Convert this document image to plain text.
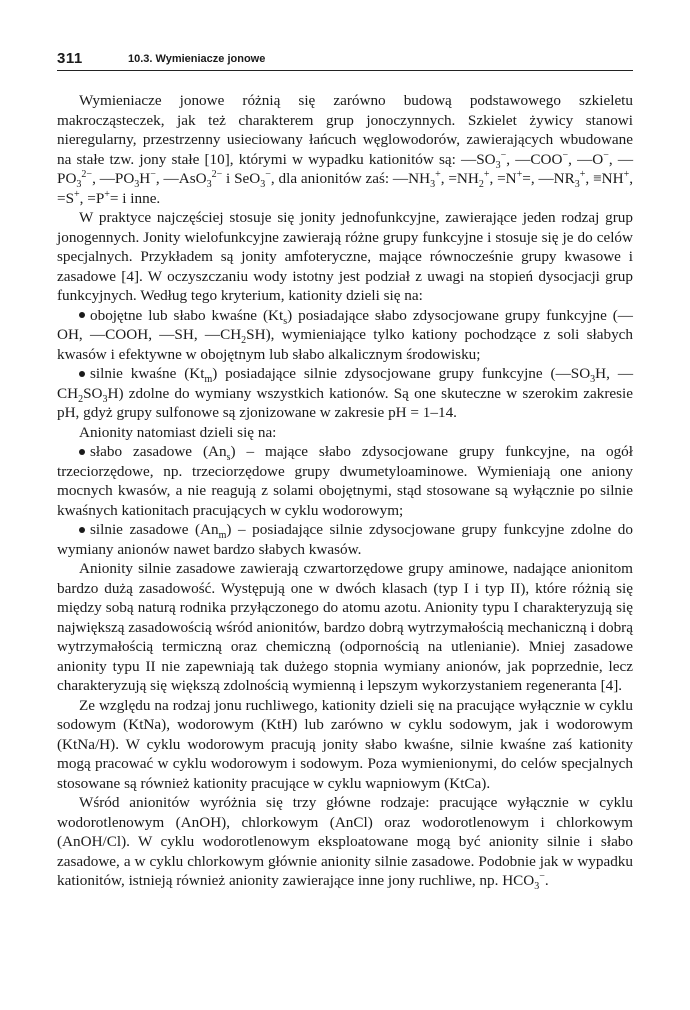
311	10.3. Wymieniacze jonowe

Wymieniacze jonowe różnią się zarówno budową podstawowego szkieletu makrocząsteczek, jak też charakterem grup jonoczynnych. Szkielet żywicy stanowi nieregularny, przestrzenny usieciowany łańcuch węglowodorów, zawierających wbudowane na stałe tzw. jony stałe [10], którymi w wypadku kationitów są: $—SO_3^-$, —COO−, —O−, $—PO_3^{2-}$, $—PO_3H^-$, —AsO$_3^{2-}$ i SeO$_3$−, dla anionitów zaś: $—NH_3^+$, $=NH_2^+$, =N+=, $—NR_3^+$, ≡NH+, =S+, =P+= i inne.

W praktyce najczęściej stosuje się jonity jednofunkcyjne, zawierające jeden rodzaj grup jonogennych. Jonity wielofunkcyjne zawierają różne grupy funkcyjne i stosuje się je do celów specjalnych. Przykładem są jonity amfoteryczne, mające równocześnie grupy kwasowe i zasadowe [4]. W oczyszczaniu wody istotny jest podział z uwagi na stopień dysocjacji grup funkcyjnych. Według tego kryterium, kationity dzieli się na:

obojętne lub słabo kwaśne $(Kt_s)$ posiadające słabo zdysocjowane grupy funkcyjne (—OH, —COOH, —SH, $—CH_2SH$), wymieniające tylko kationy pochodzące z soli słabych kwasów i efektywne w obojętnym lub słabo alkalicznym środowisku;

silnie kwaśne $(Kt_m)$ posiadające silnie zdysocjowane grupy funkcyjne ($—SO_3H$, $—CH_2SO_3H$) zdolne do wymiany wszystkich kationów. Są one skuteczne w szerokim zakresie pH, gdyż grupy sulfonowe są zjonizowane w zakresie pH = 1–14.

Anionity natomiast dzieli się na:

słabo zasadowe $(An_s)$ – mające słabo zdysocjowane grupy funkcyjne, na ogół trzeciorzędowe, np. trzeciorzędowe grupy dwumetyloaminowe. Wymieniają one aniony mocnych kwasów, a nie reagują z solami obojętnymi, stąd stosowane są wyłącznie po silnie kwaśnych kationitach pracujących w cyklu wodorowym;

silnie zasadowe $(An_m)$ – posiadające silnie zdysocjowane grupy funkcyjne zdolne do wymiany anionów nawet bardzo słabych kwasów.

Anionity silnie zasadowe zawierają czwartorzędowe grupy aminowe, nadające anionitom bardzo dużą zasadowość. Występują one w dwóch klasach (typ I i typ II), które różnią się między sobą naturą rodnika przyłączonego do atomu azotu. Anionity typu I charakteryzują się największą zasadowością wśród anionitów, bardzo dobrą wytrzymałością mechaniczną i dobrą wytrzymałością termiczną oraz chemiczną (odpornością na utlenianie). Mniej zasadowe anionity typu II nie zapewniają tak dużego stopnia wymiany anionów, jak poprzednie, lecz charakteryzują się większą zdolnością wymienną i lepszym wykorzystaniem regeneranta [4].

Ze względu na rodzaj jonu ruchliwego, kationity dzieli się na pracujące wyłącznie w cyklu sodowym (KtNa), wodorowym (KtH) lub zarówno w cyklu sodowym, jak i wodorowym (KtNa/H). W cyklu wodorowym pracują jonity słabo kwaśne, silnie kwaśne zaś kationity mogą pracować w cyklu wodorowym i sodowym. Poza wymienionymi, do celów specjalnych stosowane są również kationity pracujące w cyklu wapniowym (KtCa).

Wśród anionitów wyróżnia się trzy główne rodzaje: pracujące wyłącznie w cyklu wodorotlenowym (AnOH), chlorkowym (AnCl) oraz wodorotlenowym i chlorkowym (AnOH/Cl). W cyklu wodorotlenowym eksploatowane mogą być anionity silnie i słabo zasadowe, a w cyklu chlorkowym głównie anionity silnie zasadowe. Podobnie jak w wypadku kationitów, istnieją również anionity zawierające inne jony ruchliwe, np. $HCO_3^-$.
